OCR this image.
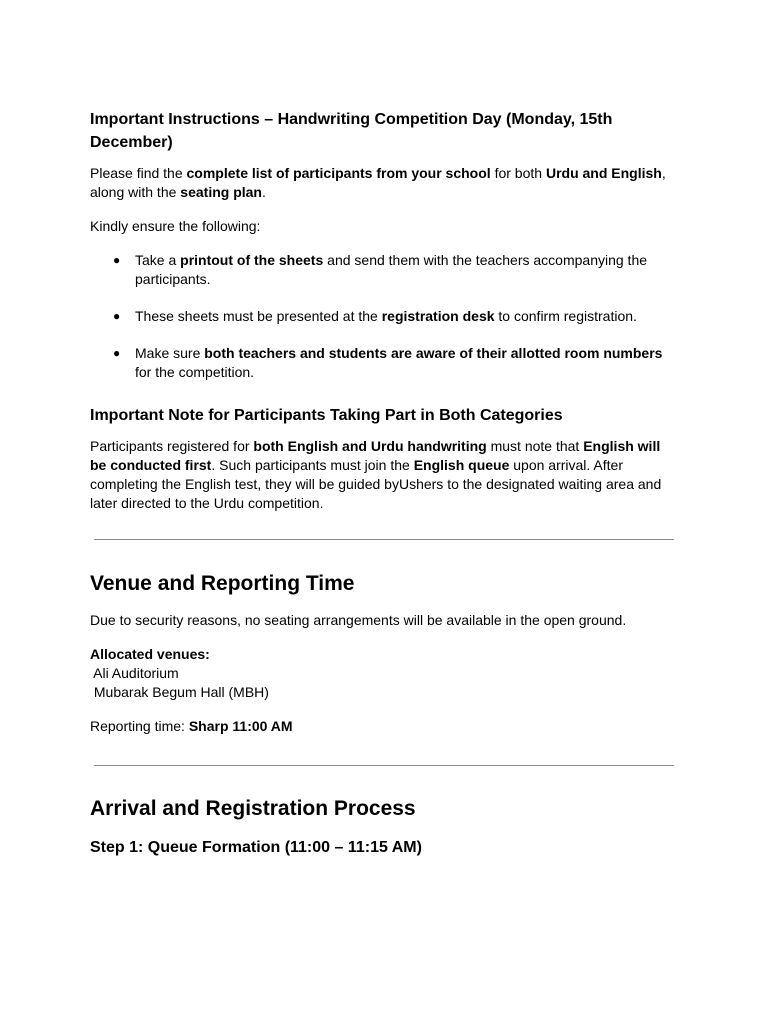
Important Instructions – Handwriting Competition Day (Monday, 15th December)

Please find the complete list of participants from your school for both Urdu and English, along with the seating plan.

Kindly ensure the following:

● Take a printout of the sheets and send them with the teachers accompanying the participants.
● These sheets must be presented at the registration desk to confirm registration.
● Make sure both teachers and students are aware of their allotted room numbers for the competition.
Important Note for Participants Taking Part in Both Categories

Participants registered for both English and Urdu handwriting must note that English will be conducted first. Such participants must join the English queue upon arrival. After completing the English test, they will be guided byUshers to the designated waiting area and later directed to the Urdu competition.

Venue and Reporting Time

Due to security reasons, no seating arrangements will be available in the open ground.

Allocated venues:
Ali Auditorium
Mubarak Begum Hall (MBH)

Reporting time: Sharp 11:00 AM

Arrival and Registration Process
Step 1: Queue Formation (11:00 – 11:15 AM)
